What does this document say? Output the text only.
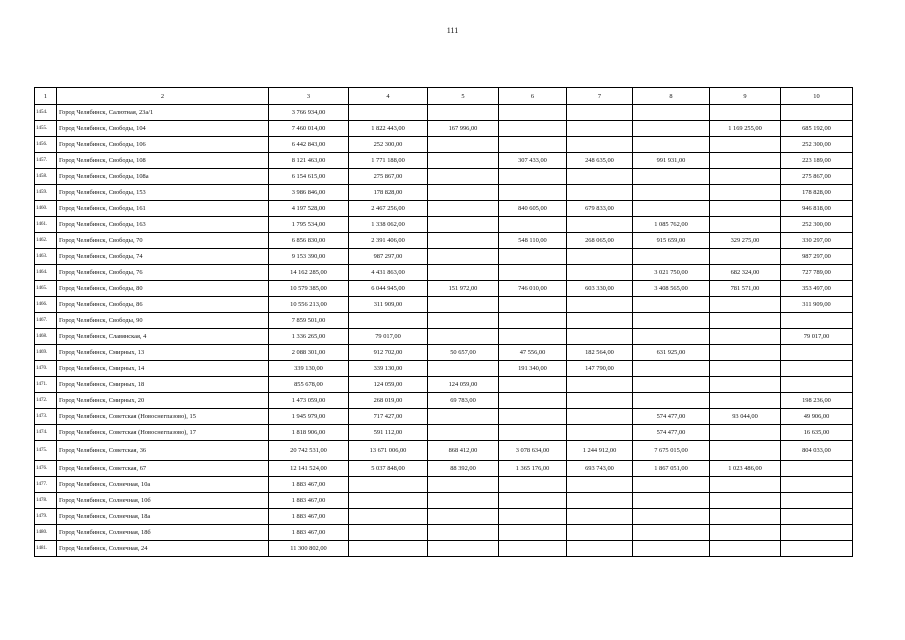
111
1	2	3	4	5	6	7	8	9	10
1454.	Город Челябинск, Салютная, 23а/1	3 766 934,00							
1455.	Город Челябинск, Свободы, 104	7 460 014,00	1 822 443,00	167 996,00				1 169 255,00	685 192,00
1456.	Город Челябинск, Свободы, 106	6 442 843,00	252 300,00						252 300,00
1457.	Город Челябинск, Свободы, 108	8 121 463,00	1 771 188,00		307 433,00	248 635,00	991 931,00		223 189,00
1458.	Город Челябинск, Свободы, 108а	6 154 615,00	275 867,00						275 867,00
1459.	Город Челябинск, Свободы, 153	3 986 846,00	178 828,00						178 828,00
1460.	Город Челябинск, Свободы, 161	4 197 528,00	2 467 256,00		840 605,00	679 833,00			946 818,00
1461.	Город Челябинск, Свободы, 163	1 795 534,00	1 338 062,00				1 085 762,00		252 300,00
1462.	Город Челябинск, Свободы, 70	6 856 830,00	2 391 406,00		548 110,00	268 065,00	915 659,00	329 275,00	330 297,00
1463.	Город Челябинск, Свободы, 74	9 153 390,00	987 297,00						987 297,00
1464.	Город Челябинск, Свободы, 76	14 162 285,00	4 431 863,00				3 021 750,00	682 324,00	727 789,00
1465.	Город Челябинск, Свободы, 80	10 579 385,00	6 044 945,00	151 972,00	746 010,00	603 330,00	3 408 565,00	781 571,00	353 497,00
1466.	Город Челябинск, Свободы, 86	10 556 213,00	311 909,00						311 909,00
1467.	Город Челябинск, Свободы, 90	7 859 501,00							
1468.	Город Челябинск, Славянская, 4	1 336 265,00	79 017,00						79 017,00
1469.	Город Челябинск, Смирных, 13	2 088 301,00	912 702,00	50 657,00	47 556,00	182 564,00	631 925,00		
1470.	Город Челябинск, Смирных, 14	339 130,00	339 130,00		191 340,00	147 790,00			
1471.	Город Челябинск, Смирных, 18	855 678,00	124 059,00	124 059,00					
1472.	Город Челябинск, Смирных, 20	1 473 059,00	268 019,00	69 783,00					198 236,00
1473.	Город Челябинск, Советская (Новоснегпазово), 15	1 945 979,00	717 427,00				574 477,00	93 044,00	49 906,00
1474.	Город Челябинск, Советская (Новоснегпазово), 17	1 818 906,00	591 112,00				574 477,00		16 635,00
1475.	Город Челябинск, Советская, 36	20 742 531,00	13 671 006,00	868 412,00	3 078 634,00	1 244 912,00	7 675 015,00		804 033,00
1476.	Город Челябинск, Советская, 67	12 141 524,00	5 037 848,00	88 392,00	1 365 176,00	693 743,00	1 867 051,00	1 023 486,00	
1477.	Город Челябинск, Солнечная, 10а	1 883 467,00							
1478.	Город Челябинск, Солнечная, 10б	1 883 467,00							
1479.	Город Челябинск, Солнечная, 18а	1 883 467,00							
1480.	Город Челябинск, Солнечная, 18б	1 883 467,00							
1481.	Город Челябинск, Солнечная, 24	11 300 802,00							
